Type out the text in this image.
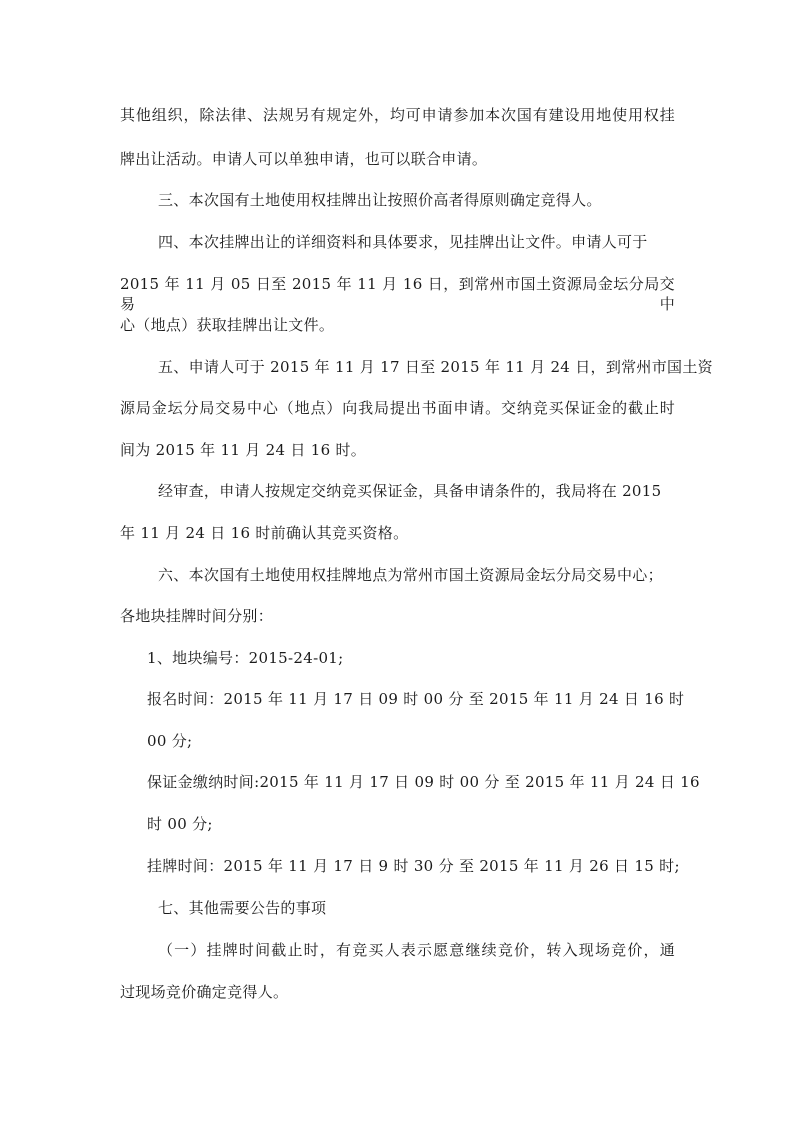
其他组织，除法律、法规另有规定外，均可申请参加本次国有建设用地使用权挂
牌出让活动。申请人可以单独申请，也可以联合申请。
三、本次国有土地使用权挂牌出让按照价高者得原则确定竞得人。
四、本次挂牌出让的详细资料和具体要求，见挂牌出让文件。申请人可于
2015 年 11 月 05 日至 2015 年 11 月 16 日，到常州市国土资源局金坛分局交易中
心（地点）获取挂牌出让文件。
五、申请人可于 2015 年 11 月 17 日至 2015 年 11 月 24 日，到常州市国土资
源局金坛分局交易中心（地点）向我局提出书面申请。交纳竞买保证金的截止时
间为 2015 年 11 月 24 日 16 时。
经审查，申请人按规定交纳竞买保证金，具备申请条件的，我局将在 2015
年 11 月 24 日 16 时前确认其竞买资格。
六、本次国有土地使用权挂牌地点为常州市国土资源局金坛分局交易中心；
各地块挂牌时间分别：
1、地块编号：2015-24-01;
报名时间：2015 年 11 月 17 日 09 时 00 分 至 2015 年 11 月 24 日 16 时
00 分;
保证金缴纳时间:2015 年 11 月 17 日 09 时 00 分 至 2015 年 11 月 24 日 16
时 00 分;
挂牌时间：2015 年 11 月 17 日 9 时 30 分 至 2015 年 11 月 26 日 15 时;
七、其他需要公告的事项
（一）挂牌时间截止时，有竞买人表示愿意继续竞价，转入现场竞价，通
过现场竞价确定竞得人。
